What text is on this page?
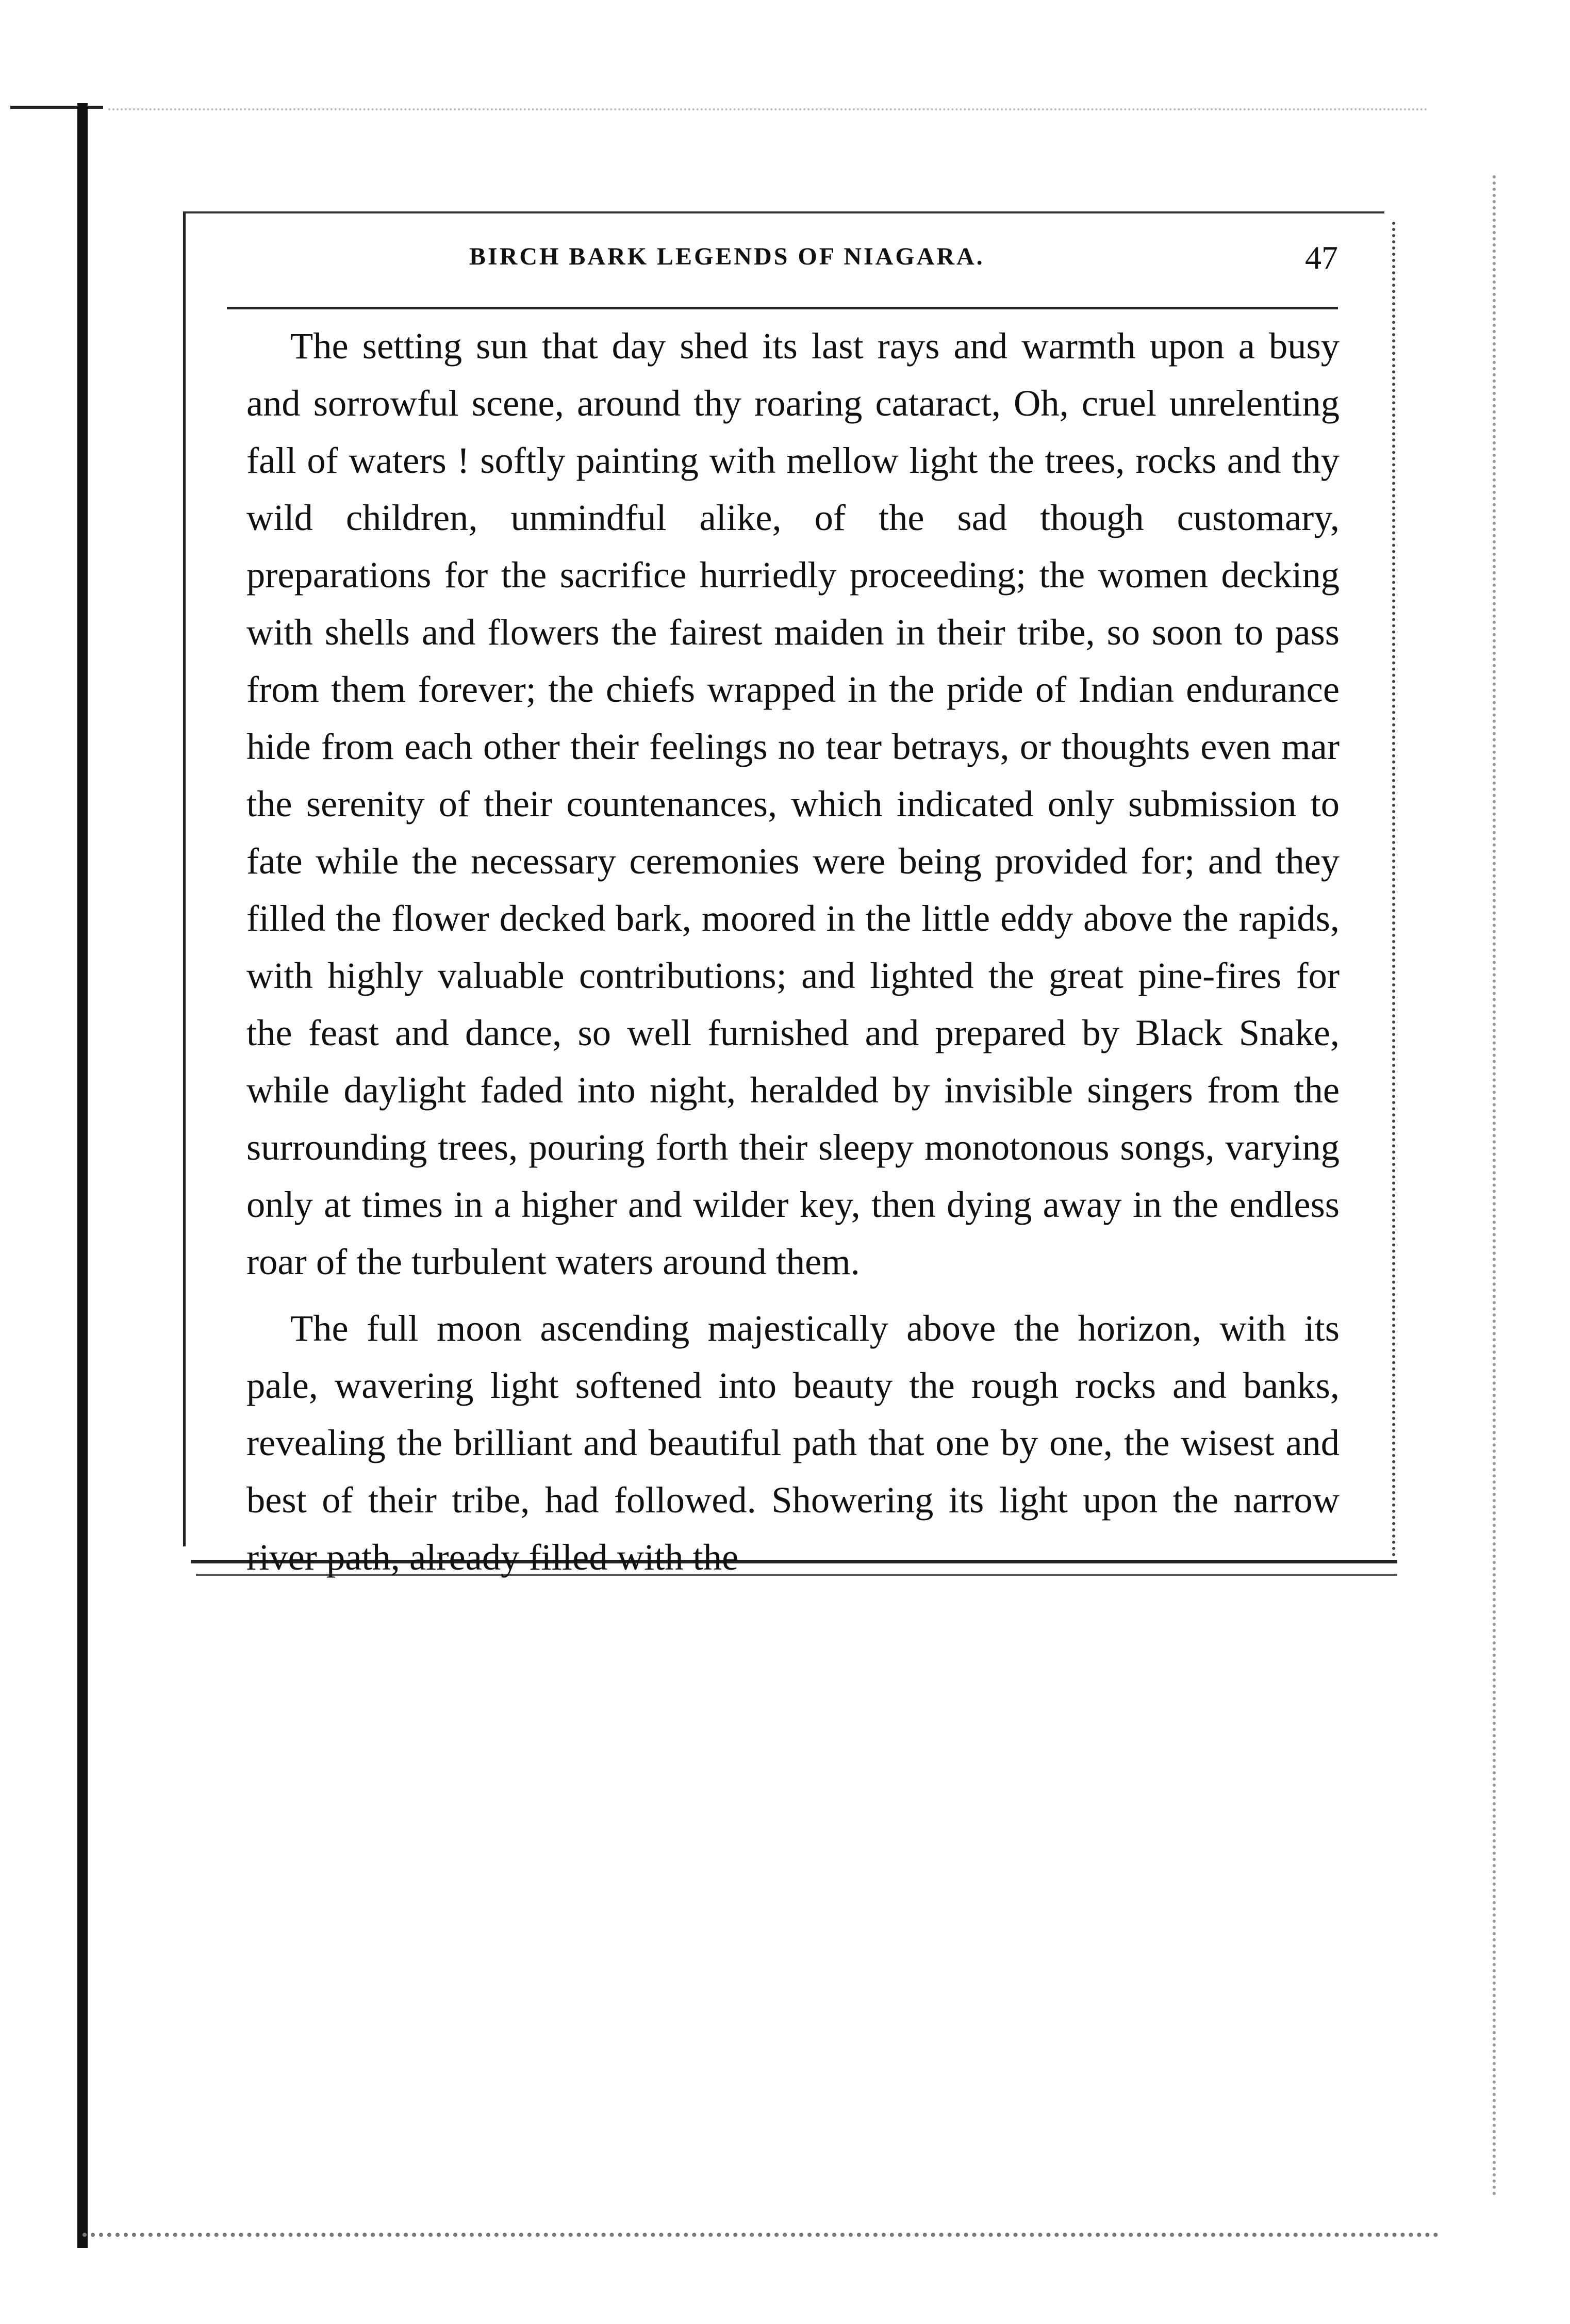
BIRCH BARK LEGENDS OF NIAGARA.	47

The setting sun that day shed its last rays and warmth upon a busy and sorrowful scene, around thy roaring cataract, Oh, cruel unrelenting fall of waters ! softly painting with mellow light the trees, rocks and thy wild children, unmindful alike, of the sad though customary, preparations for the sacrifice hurriedly proceeding; the women decking with shells and flowers the fairest maiden in their tribe, so soon to pass from them forever; the chiefs wrapped in the pride of Indian endurance hide from each other their feelings no tear betrays, or thoughts even mar the serenity of their countenances, which indicated only submission to fate while the necessary ceremonies were being provided for; and they filled the flower decked bark, moored in the little eddy above the rapids, with highly valuable contributions; and lighted the great pine-fires for the feast and dance, so well furnished and prepared by Black Snake, while daylight faded into night, heralded by invisible singers from the surrounding trees, pouring forth their sleepy monotonous songs, varying only at times in a higher and wilder key, then dying away in the endless roar of the turbulent waters around them.

The full moon ascending majestically above the horizon, with its pale, wavering light softened into beauty the rough rocks and banks, revealing the brilliant and beautiful path that one by one, the wisest and best of their tribe, had followed. Showering its light upon the narrow river path, already filled with the
